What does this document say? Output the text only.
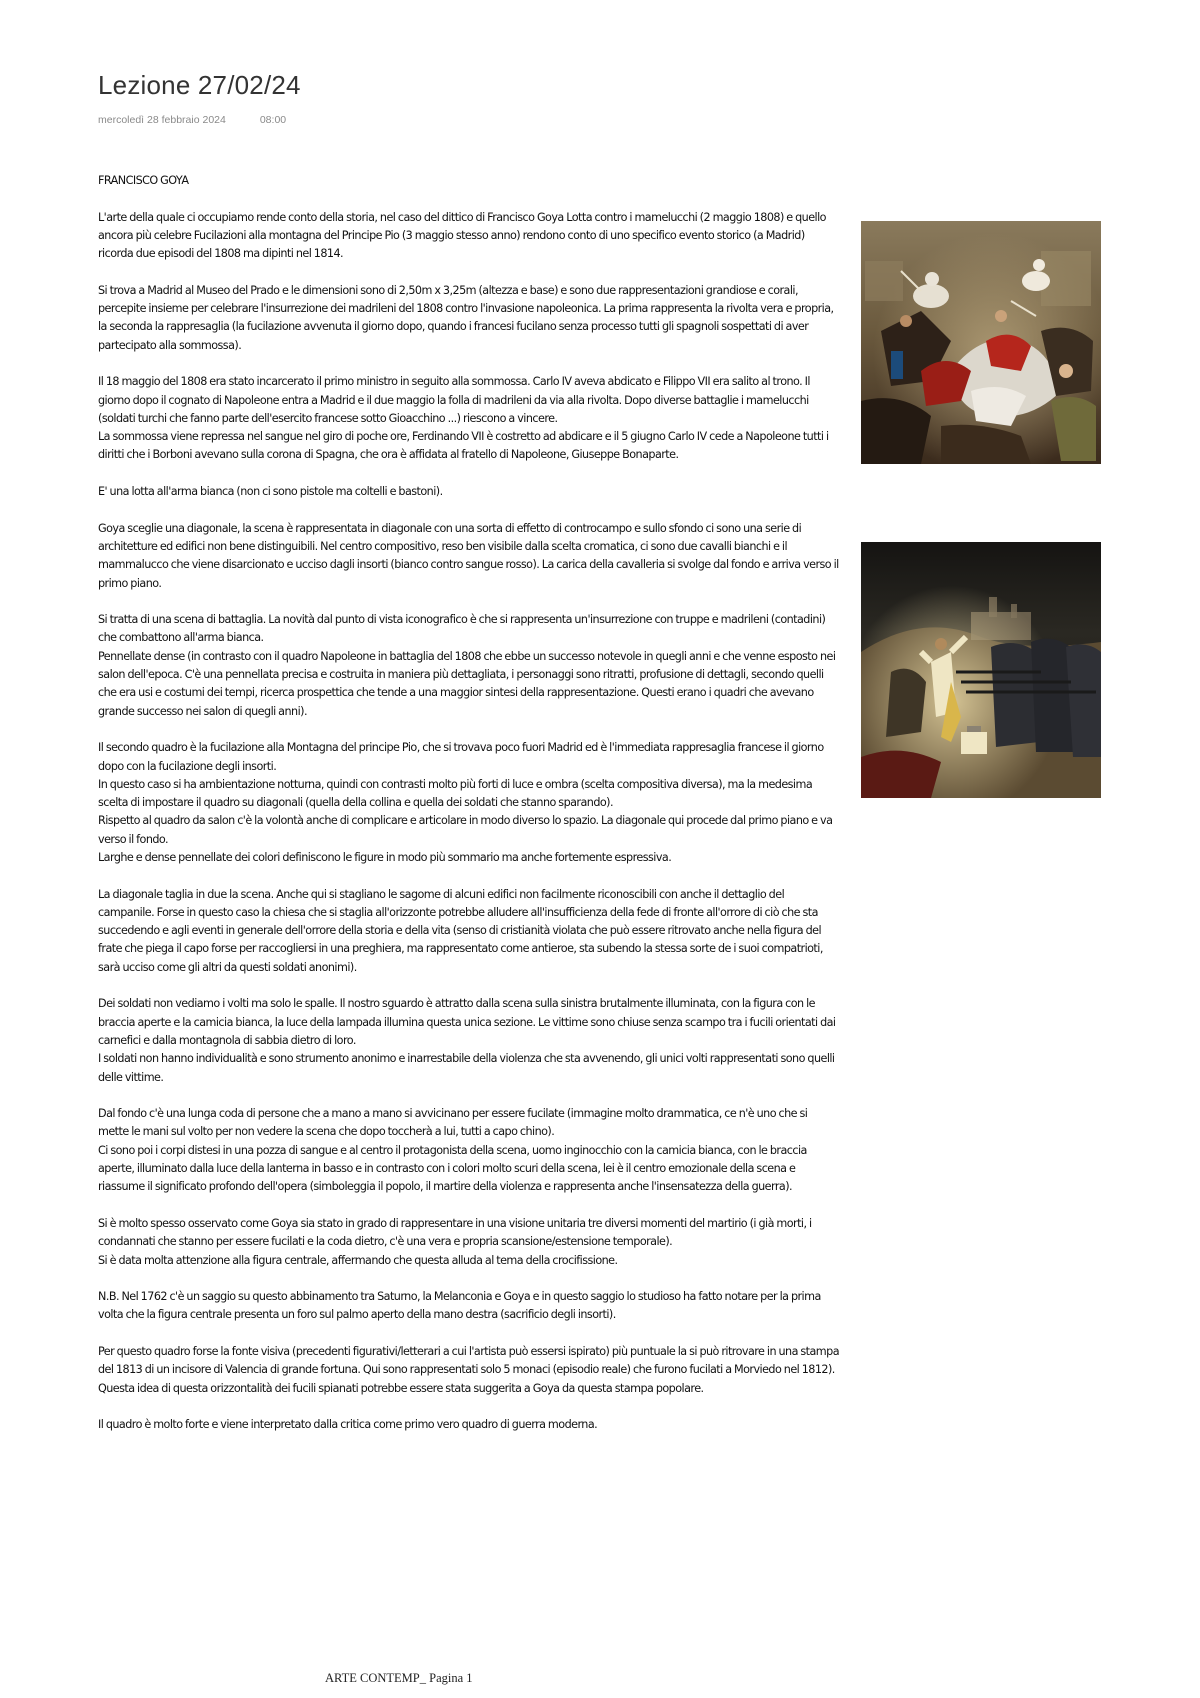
Lezione 27/02/24
mercoledì 28 febbraio 2024	08:00

FRANCISCO GOYA

L'arte della quale ci occupiamo rende conto della storia, nel caso del dittico di Francisco Goya Lotta contro i mamelucchi (2 maggio 1808) e quello ancora più celebre Fucilazioni alla montagna del Principe Pio (3 maggio stesso anno) rendono conto di uno specifico evento storico (a Madrid) ricorda due episodi del 1808 ma dipinti nel 1814.

Si trova a Madrid al Museo del Prado e le dimensioni sono di 2,50m x 3,25m (altezza e base) e sono due rappresentazioni grandiose e corali, percepite insieme per celebrare l'insurrezione dei madrileni del 1808 contro l'invasione napoleonica. La prima rappresenta la rivolta vera e propria, la seconda la rappresaglia (la fucilazione avvenuta il giorno dopo, quando i francesi fucilano senza processo tutti gli spagnoli sospettati di aver partecipato alla sommossa).

Il 18 maggio del 1808 era stato incarcerato il primo ministro in seguito alla sommossa. Carlo IV aveva abdicato e Filippo VII era salito al trono. Il giorno dopo il cognato di Napoleone entra a Madrid e il due maggio la folla di madrileni da via alla rivolta. Dopo diverse battaglie i mamelucchi (soldati turchi che fanno parte dell'esercito francese sotto Gioacchino ...) riescono a vincere.
La sommossa viene repressa nel sangue nel giro di poche ore, Ferdinando VII è costretto ad abdicare e il 5 giugno Carlo IV cede a Napoleone tutti i diritti che i Borboni avevano sulla corona di Spagna, che ora è affidata al fratello di Napoleone, Giuseppe Bonaparte.

E' una lotta all'arma bianca (non ci sono pistole ma coltelli e bastoni).

Goya sceglie una diagonale, la scena è rappresentata in diagonale con una sorta di effetto di controcampo e sullo sfondo ci sono una serie di architetture ed edifici non bene distinguibili. Nel centro compositivo, reso ben visibile dalla scelta cromatica, ci sono due cavalli bianchi e il mammalucco che viene disarcionato e ucciso dagli insorti (bianco contro sangue rosso). La carica della cavalleria si svolge dal fondo e arriva verso il primo piano.

Si tratta di una scena di battaglia. La novità dal punto di vista iconografico è che si rappresenta un'insurrezione con truppe e madrileni (contadini) che combattono all'arma bianca.
Pennellate dense (in contrasto con il quadro Napoleone in battaglia del 1808 che ebbe un successo notevole in quegli anni e che venne esposto nei salon dell'epoca. C'è una pennellata precisa e costruita in maniera più dettagliata, i personaggi sono ritratti, profusione di dettagli, secondo quelli che era usi e costumi dei tempi, ricerca prospettica che tende a una maggior sintesi della rappresentazione. Questi erano i quadri che avevano grande successo nei salon di quegli anni).

Il secondo quadro è la fucilazione alla Montagna del principe Pio, che si trovava poco fuori Madrid ed è l'immediata rappresaglia francese il giorno dopo con la fucilazione degli insorti.
In questo caso si ha ambientazione notturna, quindi con contrasti molto più forti di luce e ombra (scelta compositiva diversa), ma la medesima scelta di impostare il quadro su diagonali (quella della collina e quella dei soldati che stanno sparando).
Rispetto al quadro da salon c'è la volontà anche di complicare e articolare in modo diverso lo spazio. La diagonale qui procede dal primo piano e va verso il fondo.
Larghe e dense pennellate dei colori definiscono le figure in modo più sommario ma anche fortemente espressiva.

La diagonale taglia in due la scena. Anche qui si stagliano le sagome di alcuni edifici non facilmente riconoscibili con anche il dettaglio del campanile. Forse in questo caso la chiesa che si staglia all'orizzonte potrebbe alludere all'insufficienza della fede di fronte all'orrore di ciò che sta succedendo e agli eventi in generale dell'orrore della storia e della vita (senso di cristianità violata che può essere ritrovato anche nella figura del frate che piega il capo forse per raccogliersi in una preghiera, ma rappresentato come antieroe, sta subendo la stessa sorte de i suoi compatrioti, sarà ucciso come gli altri da questi soldati anonimi).

Dei soldati non vediamo i volti ma solo le spalle. Il nostro sguardo è attratto dalla scena sulla sinistra brutalmente illuminata, con la figura con le braccia aperte e la camicia bianca, la luce della lampada illumina questa unica sezione. Le vittime sono chiuse senza scampo tra i fucili orientati dai carnefici e dalla montagnola di sabbia dietro di loro.
I soldati non hanno individualità e sono strumento anonimo e inarrestabile della violenza che sta avvenendo, gli unici volti rappresentati sono quelli delle vittime.

Dal fondo c'è una lunga coda di persone che a mano a mano si avvicinano per essere fucilate (immagine molto drammatica, ce n'è uno che si mette le mani sul volto per non vedere la scena che dopo toccherà a lui, tutti a capo chino).
Ci sono poi i corpi distesi in una pozza di sangue e al centro il protagonista della scena, uomo inginocchio con la camicia bianca, con le braccia aperte, illuminato dalla luce della lanterna in basso e in contrasto con i colori molto scuri della scena, lei è il centro emozionale della scena e riassume il significato profondo dell'opera (simboleggia il popolo, il martire della violenza e rappresenta anche l'insensatezza della guerra).

Si è molto spesso osservato come Goya sia stato in grado di rappresentare in una visione unitaria tre diversi momenti del martirio (i già morti, i condannati che stanno per essere fucilati e la coda dietro, c'è una vera e propria scansione/estensione temporale).
Si è data molta attenzione alla figura centrale, affermando che questa alluda al tema della crocifissione.

N.B. Nel 1762 c'è un saggio su questo abbinamento tra Saturno, la Melanconia e Goya e in questo saggio lo studioso ha fatto notare per la prima volta che la figura centrale presenta un foro sul palmo aperto della mano destra (sacrificio degli insorti).

Per questo quadro forse la fonte visiva (precedenti figurativi/letterari a cui l'artista può essersi ispirato) più puntuale la si può ritrovare in una stampa del 1813 di un incisore di Valencia di grande fortuna. Qui sono rappresentati solo 5 monaci (episodio reale) che furono fucilati a Morviedo nel 1812). Questa idea di questa orizzontalità dei fucili spianati potrebbe essere stata suggerita a Goya da questa stampa popolare.

Il quadro è molto forte e viene interpretato dalla critica come primo vero quadro di guerra moderna.

ARTE CONTEMP_ Pagina 1
